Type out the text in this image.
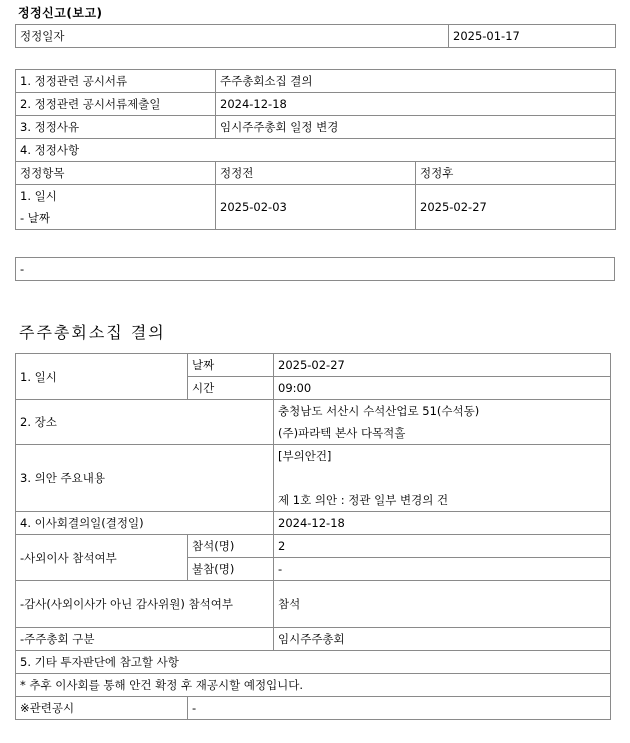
정정신고(보고)
정정일자	2025-01-17
1. 정정관련 공시서류	주주총회소집 결의	
2. 정정관련 공시서류제출일	2024-12-18	
3. 정정사유	임시주주총회 일정 변경	
4. 정정사항		
정정항목	정정전	정정후

1. 일시
- 날짜	2025-02-03	2025-02-27
-
주주총회소집 결의
1. 일시	날짜	2025-02-27
	시간	09:00
2. 장소		충청남도 서산시 수석산업로 51(수석동)
(주)파라텍 본사 다목적홀

3. 의안 주요내용		[부의안건]

제 1호 의안 : 정관 일부 변경의 건

4. 이사회결의일(결정일)		2024-12-18
-사외이사 참석여부	참석(명)	2
	불참(명)	-
-감사(사외이사가 아닌 감사위원) 참석여부		참석
-주주총회 구분		임시주주총회
5. 기타 투자판단에 참고할 사항		
* 추후 이사회를 통해 안건 확정 후 재공시할 예정입니다.		
※관련공시	-	
